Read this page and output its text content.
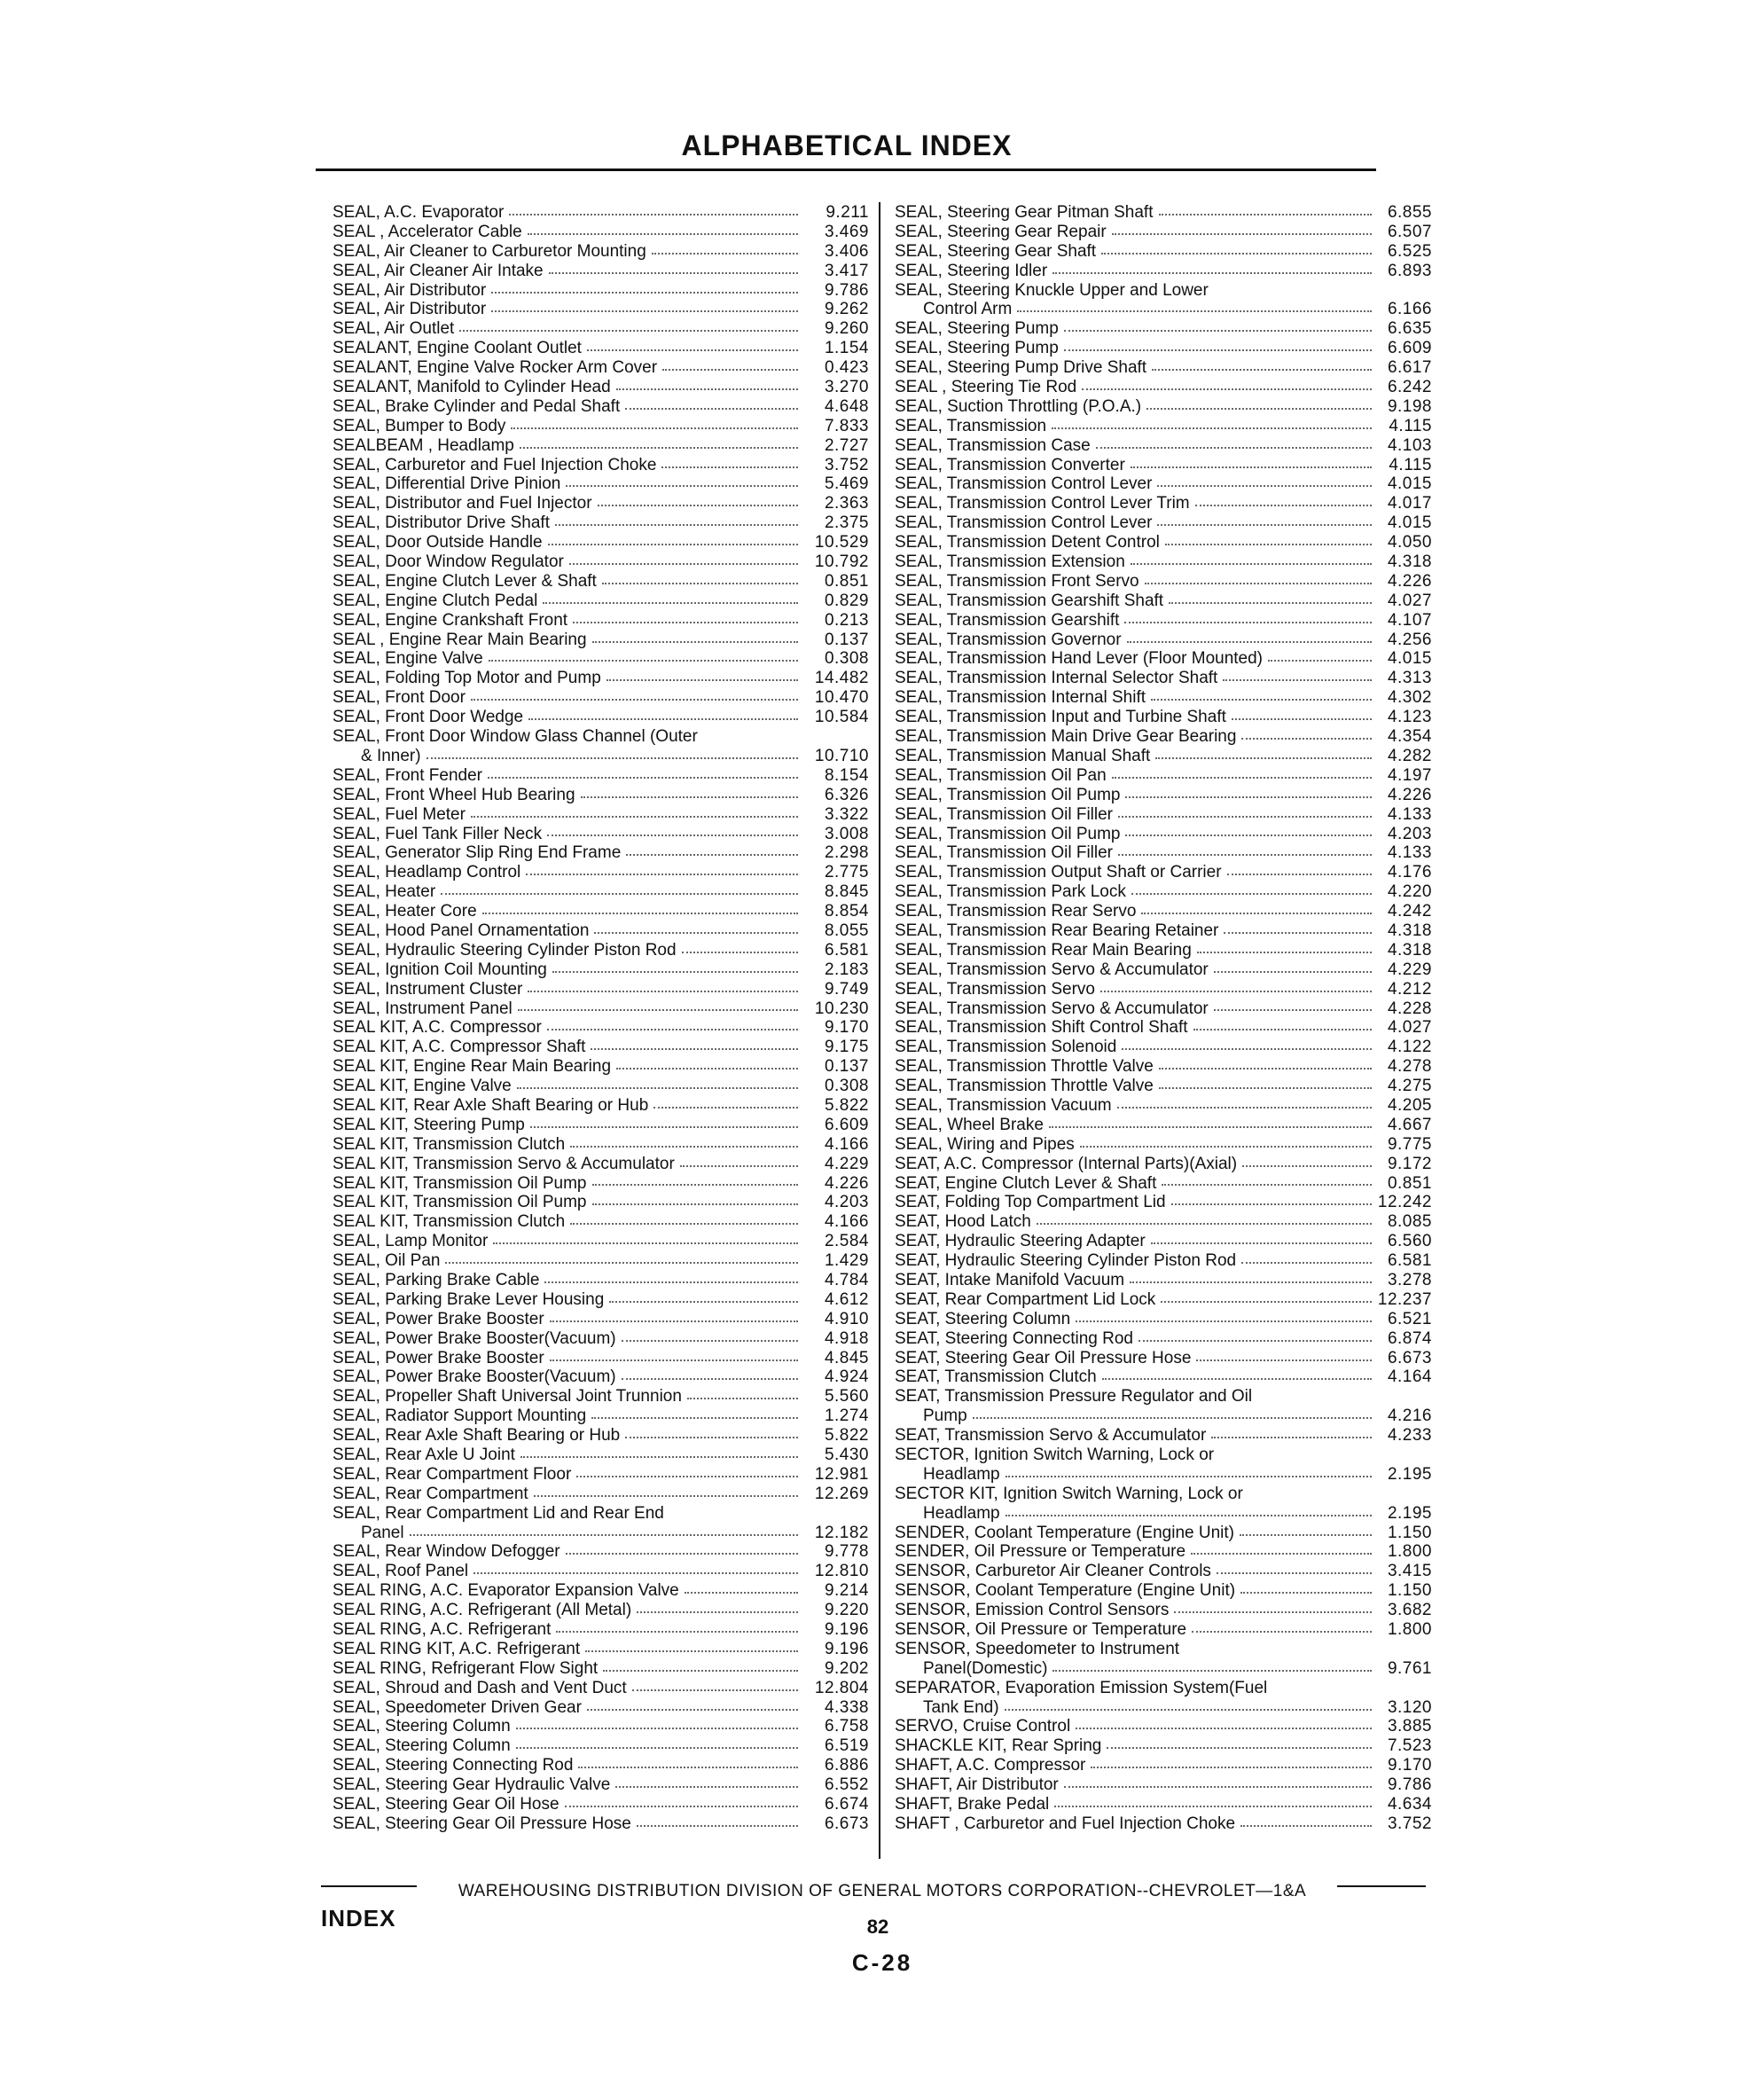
ALPHABETICAL INDEX
SEAL, A.C. Evaporator	9.211
SEAL , Accelerator Cable	3.469
SEAL, Air Cleaner to Carburetor Mounting	3.406
SEAL, Air Cleaner Air Intake	3.417
SEAL, Air Distributor	9.786
SEAL, Air Distributor	9.262
SEAL, Air Outlet	9.260
SEALANT, Engine Coolant Outlet	1.154
SEALANT, Engine Valve Rocker Arm Cover	0.423
SEALANT, Manifold to Cylinder Head	3.270
SEAL, Brake Cylinder and Pedal Shaft	4.648
SEAL, Bumper to Body	7.833
SEALBEAM , Headlamp	2.727
SEAL, Carburetor and Fuel Injection Choke	3.752
SEAL, Differential Drive Pinion	5.469
SEAL, Distributor and Fuel Injector	2.363
SEAL, Distributor Drive Shaft	2.375
SEAL, Door Outside Handle	10.529
SEAL, Door Window Regulator	10.792
SEAL, Engine Clutch Lever & Shaft	0.851
SEAL, Engine Clutch Pedal	0.829
SEAL, Engine Crankshaft Front	0.213
SEAL , Engine Rear Main Bearing	0.137
SEAL, Engine Valve	0.308
SEAL, Folding Top Motor and Pump	14.482
SEAL, Front Door	10.470
SEAL, Front Door Wedge	10.584
SEAL, Front Door Window Glass Channel (Outer
& Inner)	10.710
SEAL, Front Fender	8.154
SEAL, Front Wheel Hub Bearing	6.326
SEAL, Fuel Meter	3.322
SEAL, Fuel Tank Filler Neck	3.008
SEAL, Generator Slip Ring End Frame	2.298
SEAL, Headlamp Control	2.775
SEAL, Heater	8.845
SEAL, Heater Core	8.854
SEAL, Hood Panel Ornamentation	8.055
SEAL, Hydraulic Steering Cylinder Piston Rod	6.581
SEAL, Ignition Coil Mounting	2.183
SEAL, Instrument Cluster	9.749
SEAL, Instrument Panel	10.230
SEAL KIT, A.C. Compressor	9.170
SEAL KIT, A.C. Compressor Shaft	9.175
SEAL KIT, Engine Rear Main Bearing	0.137
SEAL KIT, Engine Valve	0.308
SEAL KIT, Rear Axle Shaft Bearing or Hub	5.822
SEAL KIT, Steering Pump	6.609
SEAL KIT, Transmission Clutch	4.166
SEAL KIT, Transmission Servo & Accumulator	4.229
SEAL KIT, Transmission Oil Pump	4.226
SEAL KIT, Transmission Oil Pump	4.203
SEAL KIT, Transmission Clutch	4.166
SEAL, Lamp Monitor	2.584
SEAL, Oil Pan	1.429
SEAL, Parking Brake Cable	4.784
SEAL, Parking Brake Lever Housing	4.612
SEAL, Power Brake Booster	4.910
SEAL, Power Brake Booster(Vacuum)	4.918
SEAL, Power Brake Booster	4.845
SEAL, Power Brake Booster(Vacuum)	4.924
SEAL, Propeller Shaft Universal Joint Trunnion	5.560
SEAL, Radiator Support Mounting	1.274
SEAL, Rear Axle Shaft Bearing or Hub	5.822
SEAL, Rear Axle U Joint	5.430
SEAL, Rear Compartment Floor	12.981
SEAL, Rear Compartment	12.269
SEAL, Rear Compartment Lid and Rear End
Panel	12.182
SEAL, Rear Window Defogger	9.778
SEAL, Roof Panel	12.810
SEAL RING, A.C. Evaporator Expansion Valve	9.214
SEAL RING, A.C. Refrigerant (All Metal)	9.220
SEAL RING, A.C. Refrigerant	9.196
SEAL RING KIT, A.C. Refrigerant	9.196
SEAL RING, Refrigerant Flow Sight	9.202
SEAL, Shroud and Dash and Vent Duct	12.804
SEAL, Speedometer Driven Gear	4.338
SEAL, Steering Column	6.758
SEAL, Steering Column	6.519
SEAL, Steering Connecting Rod	6.886
SEAL, Steering Gear Hydraulic Valve	6.552
SEAL, Steering Gear Oil Hose	6.674
SEAL, Steering Gear Oil Pressure Hose	6.673
SEAL, Steering Gear Pitman Shaft	6.855
SEAL, Steering Gear Repair	6.507
SEAL, Steering Gear Shaft	6.525
SEAL, Steering Idler	6.893
SEAL, Steering Knuckle Upper and Lower
Control Arm	6.166
SEAL, Steering Pump	6.635
SEAL, Steering Pump	6.609
SEAL, Steering Pump Drive Shaft	6.617
SEAL , Steering Tie Rod	6.242
SEAL, Suction Throttling (P.O.A.)	9.198
SEAL, Transmission	4.115
SEAL, Transmission Case	4.103
SEAL, Transmission Converter	4.115
SEAL, Transmission Control Lever	4.015
SEAL, Transmission Control Lever Trim	4.017
SEAL, Transmission Control Lever	4.015
SEAL, Transmission Detent Control	4.050
SEAL, Transmission Extension	4.318
SEAL, Transmission Front Servo	4.226
SEAL, Transmission Gearshift Shaft	4.027
SEAL, Transmission Gearshift	4.107
SEAL, Transmission Governor	4.256
SEAL, Transmission Hand Lever (Floor Mounted)	4.015
SEAL, Transmission Internal Selector Shaft	4.313
SEAL, Transmission Internal Shift	4.302
SEAL, Transmission Input and Turbine Shaft	4.123
SEAL, Transmission Main Drive Gear Bearing	4.354
SEAL, Transmission Manual Shaft	4.282
SEAL, Transmission Oil Pan	4.197
SEAL, Transmission Oil Pump	4.226
SEAL, Transmission Oil Filler	4.133
SEAL, Transmission Oil Pump	4.203
SEAL, Transmission Oil Filler	4.133
SEAL, Transmission Output Shaft or Carrier	4.176
SEAL, Transmission Park Lock	4.220
SEAL, Transmission Rear Servo	4.242
SEAL, Transmission Rear Bearing Retainer	4.318
SEAL, Transmission Rear Main Bearing	4.318
SEAL, Transmission Servo & Accumulator	4.229
SEAL, Transmission Servo	4.212
SEAL, Transmission Servo & Accumulator	4.228
SEAL, Transmission Shift Control Shaft	4.027
SEAL, Transmission Solenoid	4.122
SEAL, Transmission Throttle Valve	4.278
SEAL, Transmission Throttle Valve	4.275
SEAL, Transmission Vacuum	4.205
SEAL, Wheel Brake	4.667
SEAL, Wiring and Pipes	9.775
SEAT, A.C. Compressor (Internal Parts)(Axial)	9.172
SEAT, Engine Clutch Lever & Shaft	0.851
SEAT, Folding Top Compartment Lid	12.242
SEAT, Hood Latch	8.085
SEAT, Hydraulic Steering Adapter	6.560
SEAT, Hydraulic Steering Cylinder Piston Rod	6.581
SEAT, Intake Manifold Vacuum	3.278
SEAT, Rear Compartment Lid Lock	12.237
SEAT, Steering Column	6.521
SEAT, Steering Connecting Rod	6.874
SEAT, Steering Gear Oil Pressure Hose	6.673
SEAT, Transmission Clutch	4.164
SEAT, Transmission Pressure Regulator and Oil
Pump	4.216
SEAT, Transmission Servo & Accumulator	4.233
SECTOR, Ignition Switch Warning, Lock or
Headlamp	2.195
SECTOR KIT, Ignition Switch Warning, Lock or
Headlamp	2.195
SENDER, Coolant Temperature (Engine Unit)	1.150
SENDER, Oil Pressure or Temperature	1.800
SENSOR, Carburetor Air Cleaner Controls	3.415
SENSOR, Coolant Temperature (Engine Unit)	1.150
SENSOR, Emission Control Sensors	3.682
SENSOR, Oil Pressure or Temperature	1.800
SENSOR, Speedometer to Instrument
Panel(Domestic)	9.761
SEPARATOR, Evaporation Emission System(Fuel
Tank End)	3.120
SERVO, Cruise Control	3.885
SHACKLE KIT, Rear Spring	7.523
SHAFT, A.C. Compressor	9.170
SHAFT, Air Distributor	9.786
SHAFT, Brake Pedal	4.634
SHAFT , Carburetor and Fuel Injection Choke	3.752
WAREHOUSING DISTRIBUTION DIVISION OF GENERAL MOTORS CORPORATION--CHEVROLET—1&A
INDEX	82
C-28
